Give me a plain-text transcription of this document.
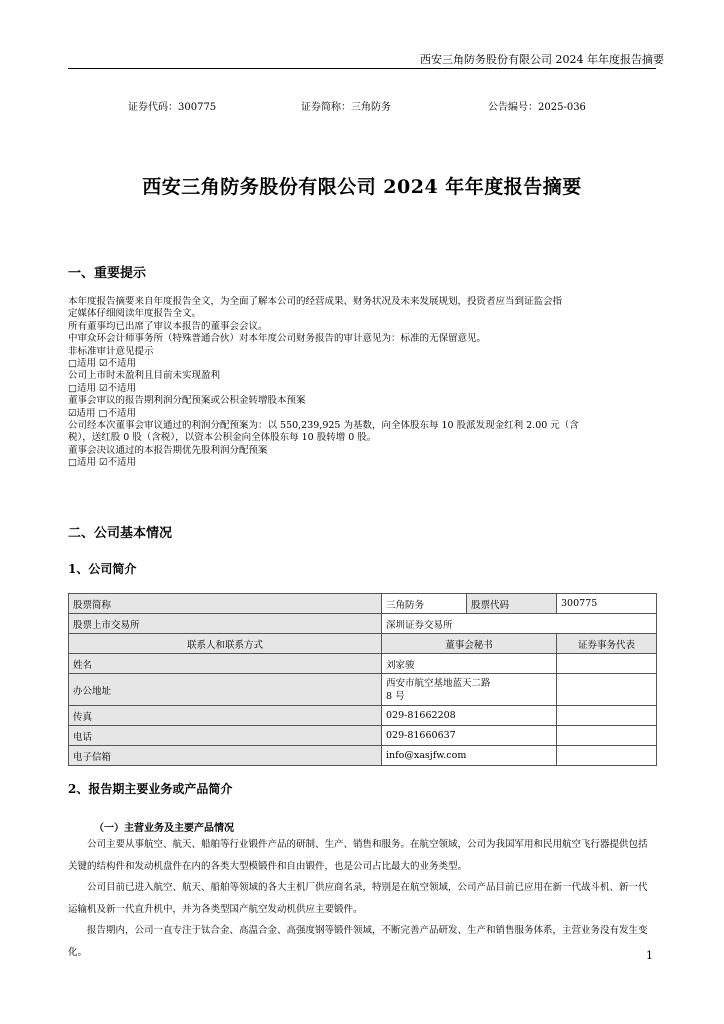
西安三角防务股份有限公司 2024 年年度报告摘要
证券代码：300775	证券简称：三角防务	公告编号：2025-036
西安三角防务股份有限公司 2024 年年度报告摘要
一、重要提示
本年度报告摘要来自年度报告全文，为全面了解本公司的经营成果、财务状况及未来发展规划，投资者应当到证监会指
定媒体仔细阅读年度报告全文。
所有董事均已出席了审议本报告的董事会会议。
中审众环会计师事务所（特殊普通合伙）对本年度公司财务报告的审计意见为：标准的无保留意见。
非标准审计意见提示
□适用 ☑不适用
公司上市时未盈利且目前未实现盈利
□适用 ☑不适用
董事会审议的报告期利润分配预案或公积金转增股本预案
☑适用 □不适用
公司经本次董事会审议通过的利润分配预案为：以 550,239,925 为基数，向全体股东每 10 股派发现金红利 2.00 元（含
税），送红股 0 股（含税），以资本公积金向全体股东每 10 股转增 0 股。
董事会决议通过的本报告期优先股利润分配预案
□适用 ☑不适用
二、公司基本情况
1、公司简介
股票简称	三角防务	股票代码	300775
股票上市交易所	深圳证券交易所		
联系人和联系方式	董事会秘书		证券事务代表
姓名	刘家骏		
办公地址	西安市航空基地蓝天二路
8 号		

传真	029-81662208		
电话	029-81660637		
电子信箱	info@xasjfw.com		
2、报告期主要业务或产品简介
（一）主营业务及主要产品情况

公司主要从事航空、航天、船舶等行业锻件产品的研制、生产、销售和服务。在航空领域，公司为我国军用和民用航空飞行器提供包括关键的结构件和发动机盘件在内的各类大型模锻件和自由锻件，也是公司占比最大的业务类型。

公司目前已进入航空、航天、船舶等领域的各大主机厂供应商名录，特别是在航空领域，公司产品目前已应用在新一代战斗机、新一代运输机及新一代直升机中，并为各类型国产航空发动机供应主要锻件。

报告期内，公司一直专注于钛合金、高温合金、高强度钢等锻件领域，不断完善产品研发、生产和销售服务体系，主营业务没有发生变化。	1
